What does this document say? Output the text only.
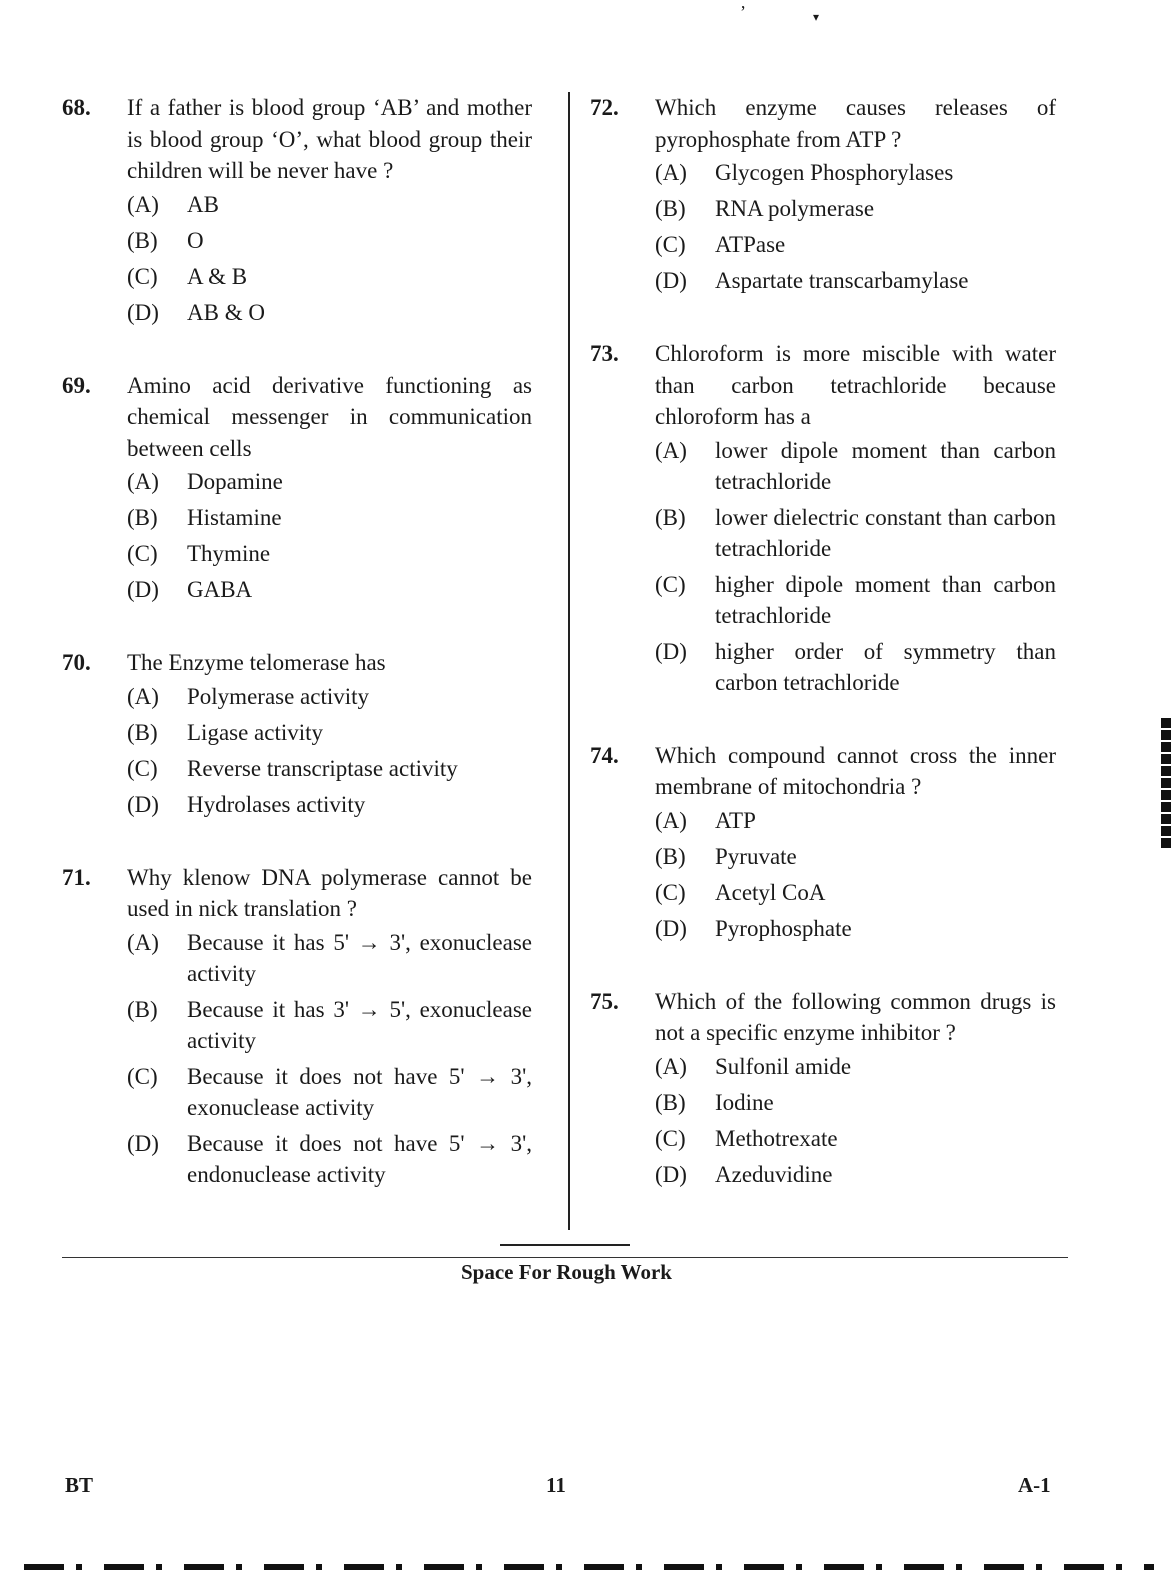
’	▾
68. If a father is blood group ‘AB’ and mother is blood group ‘O’, what blood group their children will be never have ?
(A)	AB
(B)	O
(C)	A & B
(D)	AB & O
69. Amino acid derivative functioning as chemical messenger in communication between cells
(A)	Dopamine
(B)	Histamine
(C)	Thymine
(D)	GABA
70. The Enzyme telomerase has
(A)	Polymerase activity
(B)	Ligase activity
(C)	Reverse transcriptase activity
(D)	Hydrolases activity
71. Why klenow DNA polymerase cannot be used in nick translation ?
(A)	Because it has 5' → 3', exonuclease activity
(B)	Because it has 3' → 5', exonuclease activity
(C)	Because it does not have 5' → 3', exonuclease activity
(D)	Because it does not have 5' → 3', endonuclease activity
72. Which enzyme causes releases of pyrophosphate from ATP ?
(A)	Glycogen Phosphorylases
(B)	RNA polymerase
(C)	ATPase
(D)	Aspartate transcarbamylase
73. Chloroform is more miscible with water than carbon tetrachloride because chloroform has a
(A)	lower dipole moment than carbon tetrachloride
(B)	lower dielectric constant than carbon tetrachloride
(C)	higher dipole moment than carbon tetrachloride
(D)	higher order of symmetry than carbon tetrachloride
74. Which compound cannot cross the inner membrane of mitochondria ?
(A)	ATP
(B)	Pyruvate
(C)	Acetyl CoA
(D)	Pyrophosphate
75. Which of the following common drugs is not a specific enzyme inhibitor ?
(A)	Sulfonil amide
(B)	Iodine
(C)	Methotrexate
(D)	Azeduvidine
Space For Rough Work
BT	11	A-1
